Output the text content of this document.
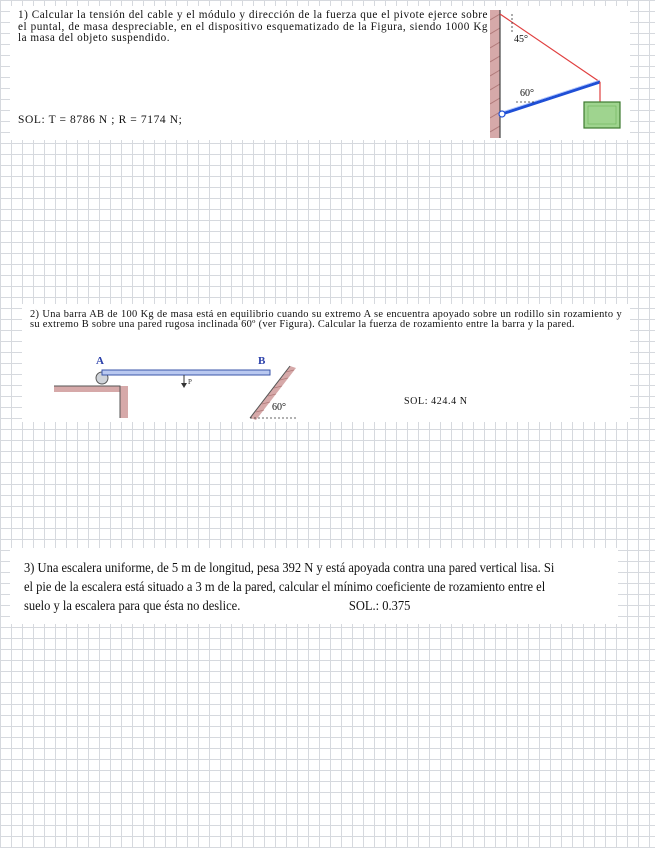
1) Calcular la tensión del cable y el módulo y dirección de la fuerza que el pivote ejerce sobre el puntal, de masa despreciable, en el dispositivo esquematizado de la Figura, siendo 1000 Kg la masa del objeto suspendido.

SOL: T = 8786 N ; R = 7174 N;
45°
60°

2) Una barra AB de 100 Kg de masa está en equilibrio cuando su extremo A se encuentra apoyado sobre un rodillo sin rozamiento y su extremo B sobre una pared rugosa inclinada 60º (ver Figura). Calcular la fuerza de rozamiento entre la barra y la pared.

SOL: 424.4 N
A	B
P
60°

3) Una escalera uniforme, de 5 m de longitud, pesa 392 N y está apoyada contra una pared vertical lisa. Si el pie de la escalera está situado a 3 m de la pared, calcular el mínimo coeficiente de rozamiento entre el suelo y la escalera para que ésta no deslice.	SOL.: 0.375
